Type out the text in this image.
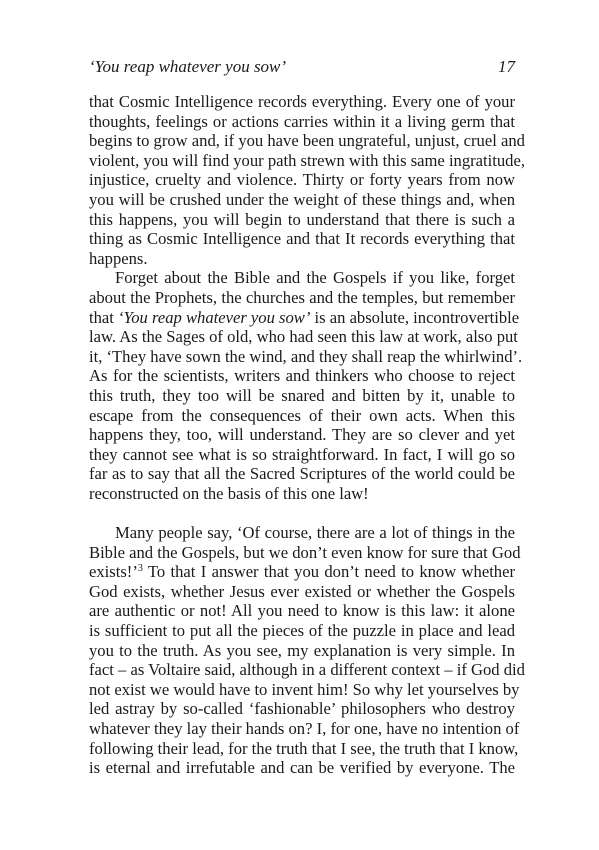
‘You reap whatever you sow’	17
that Cosmic Intelligence records everything. Every one of your
thoughts, feelings or actions carries within it a living germ that
begins to grow and, if you have been ungrateful, unjust, cruel and
violent, you will find your path strewn with this same ingratitude,
injustice, cruelty and violence. Thirty or forty years from now
you will be crushed under the weight of these things and, when
this happens, you will begin to understand that there is such a
thing as Cosmic Intelligence and that It records everything that
happens.
Forget about the Bible and the Gospels if you like, forget
about the Prophets, the churches and the temples, but remember
that ‘You reap whatever you sow’ is an absolute, incontrovertible
law. As the Sages of old, who had seen this law at work, also put
it, ‘They have sown the wind, and they shall reap the whirlwind’.
As for the scientists, writers and thinkers who choose to reject
this truth, they too will be snared and bitten by it, unable to
escape from the consequences of their own acts. When this
happens they, too, will understand. They are so clever and yet
they cannot see what is so straightforward. In fact, I will go so
far as to say that all the Sacred Scriptures of the world could be
reconstructed on the basis of this one law!
Many people say, ‘Of course, there are a lot of things in the
Bible and the Gospels, but we don’t even know for sure that God
exists!’$^3$ To that I answer that you don’t need to know whether
God exists, whether Jesus ever existed or whether the Gospels
are authentic or not! All you need to know is this law: it alone
is sufficient to put all the pieces of the puzzle in place and lead
you to the truth. As you see, my explanation is very simple. In
fact – as Voltaire said, although in a different context – if God did
not exist we would have to invent him! So why let yourselves by
led astray by so-called ‘fashionable’ philosophers who destroy
whatever they lay their hands on? I, for one, have no intention of
following their lead, for the truth that I see, the truth that I know,
is eternal and irrefutable and can be verified by everyone. The
